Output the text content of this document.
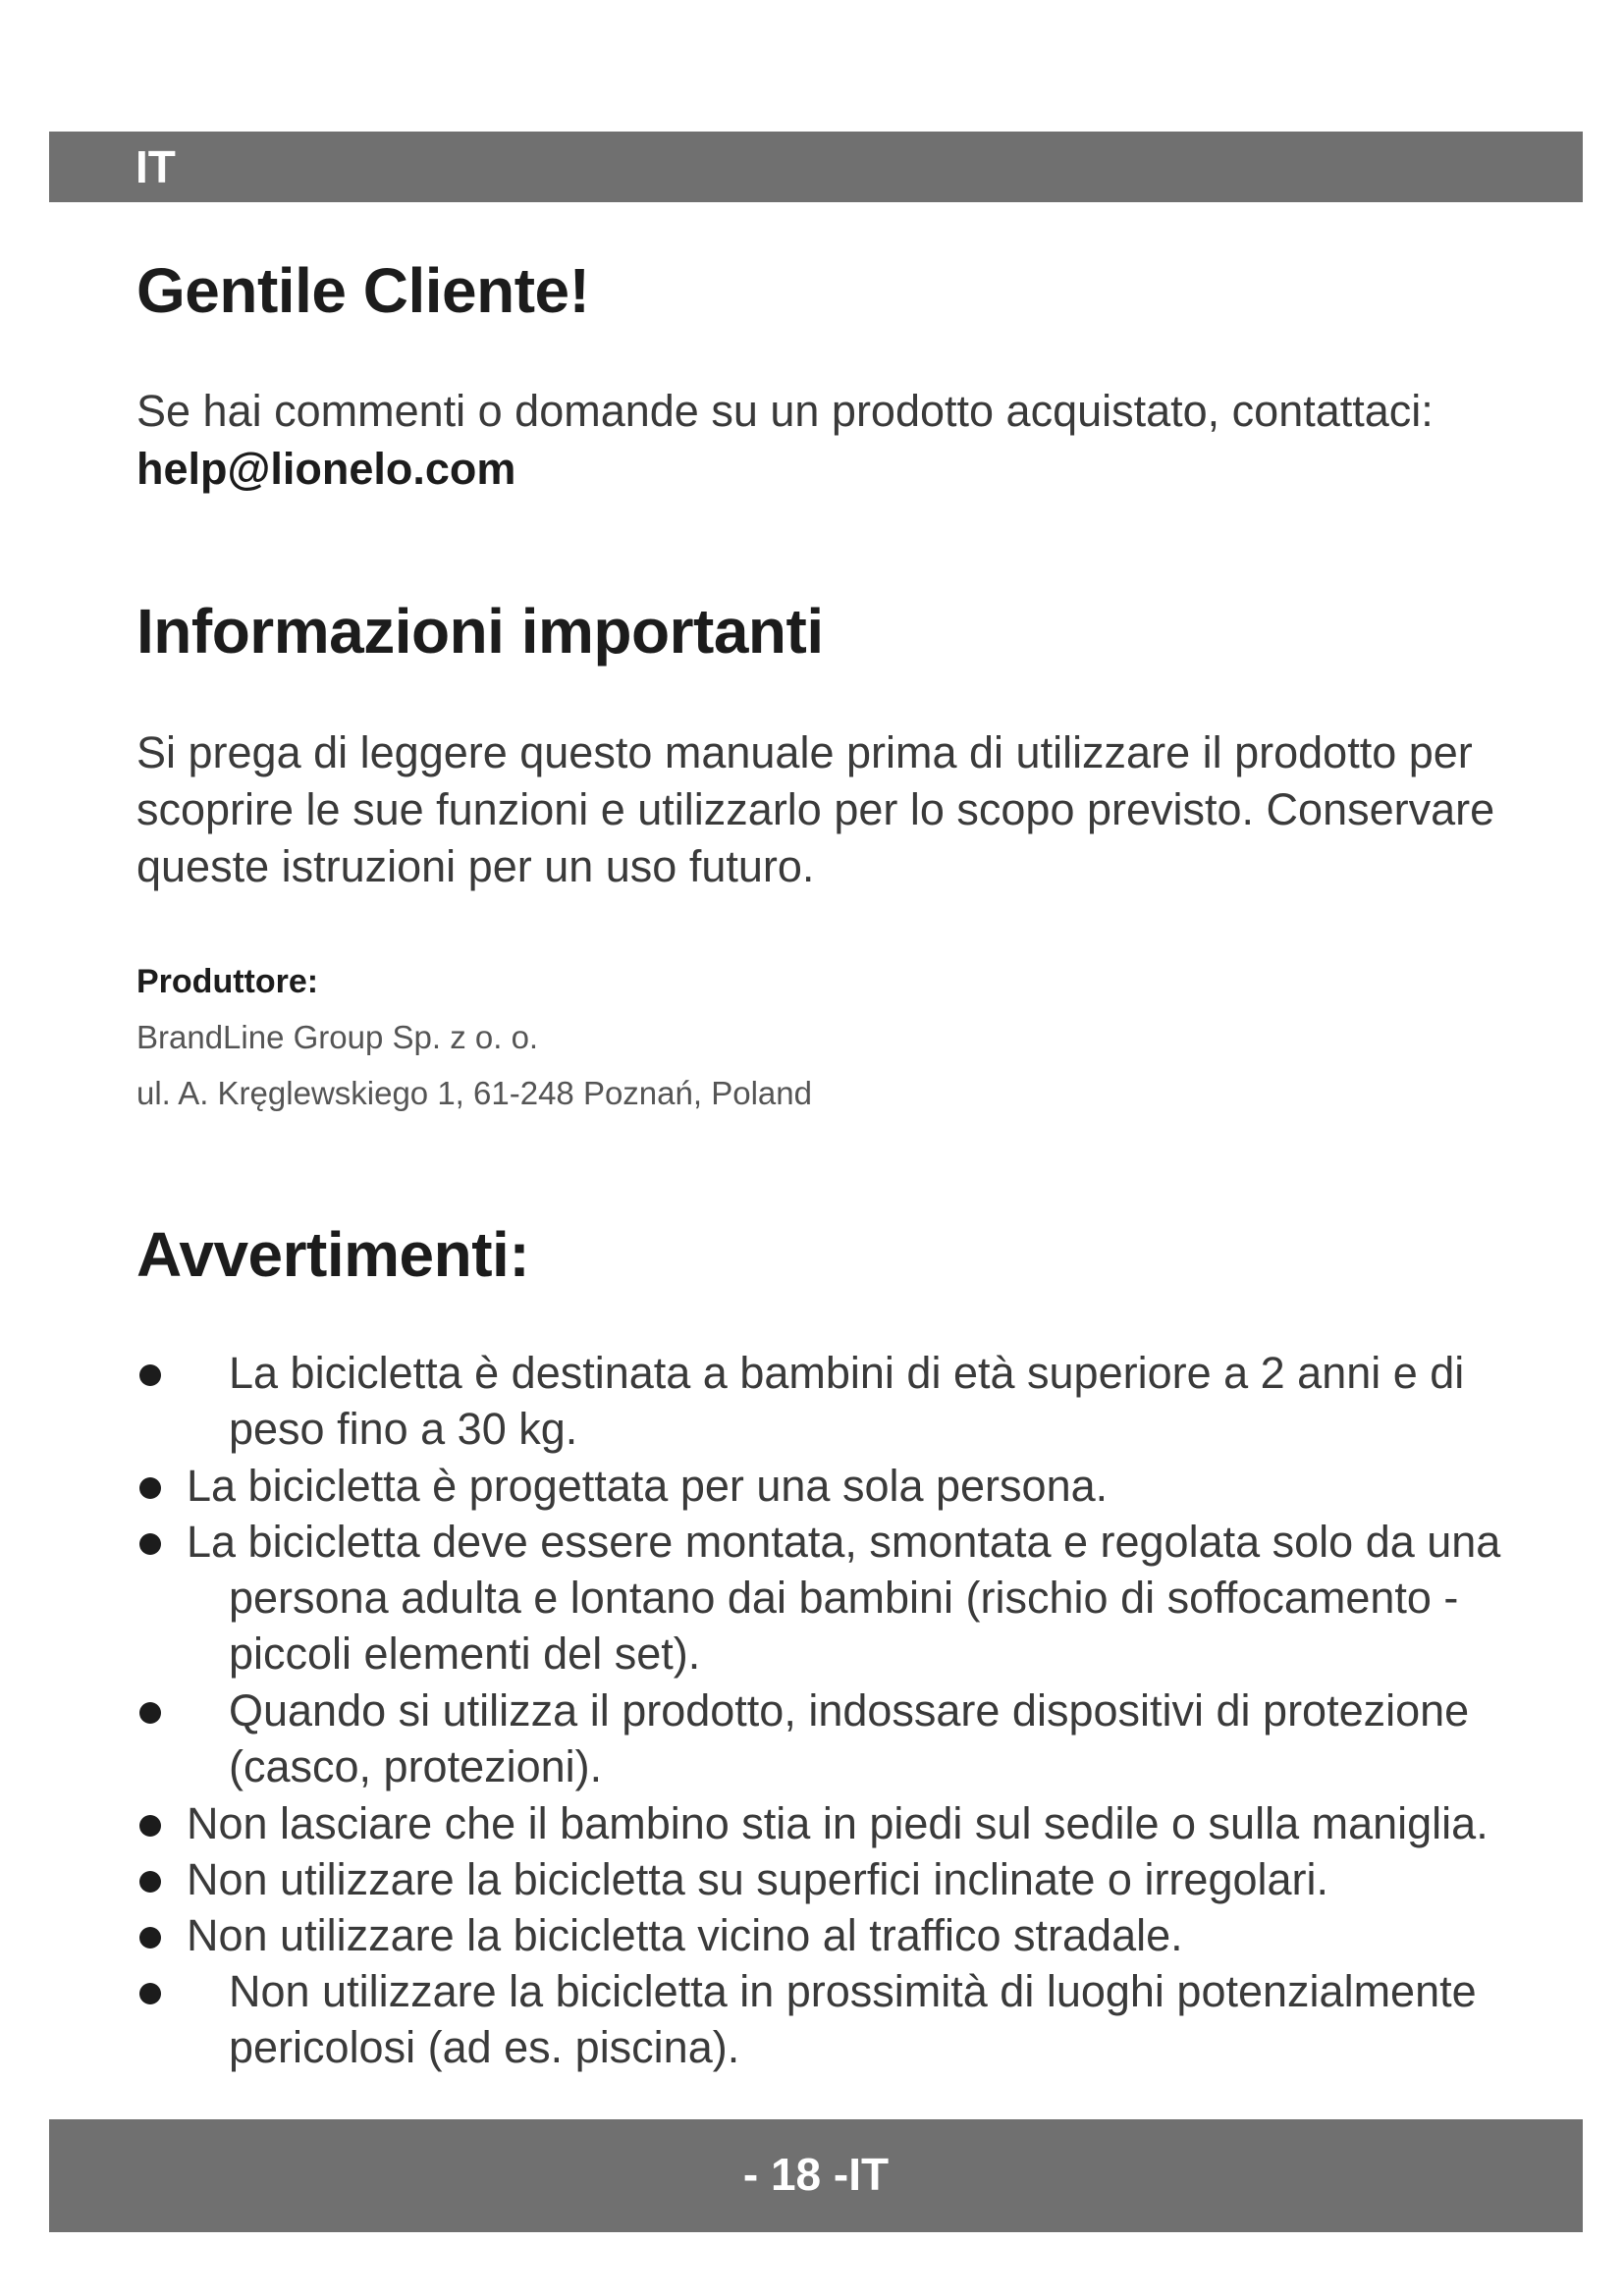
IT
Gentile Cliente!

Se hai commenti o domande su un prodotto acquistato, contattaci:

help@lionelo.com

Informazioni importanti

Si prega di leggere questo manuale prima di utilizzare il prodotto per

scoprire le sue funzioni e utilizzarlo per lo scopo previsto. Conservare

queste istruzioni per un uso futuro.

Produttore:

BrandLine Group Sp. z o. o.

ul. A. Kręglewskiego 1, 61-248 Poznań, Poland

Avvertimenti:

La bicicletta è destinata a bambini di età superiore a 2 anni e di

peso fino a 30 kg.

La bicicletta è progettata per una sola persona.

La bicicletta deve essere montata, smontata e regolata solo da una

persona adulta e lontano dai bambini (rischio di soffocamento -

piccoli elementi del set).

Quando si utilizza il prodotto, indossare dispositivi di protezione

(casco, protezioni).

Non lasciare che il bambino stia in piedi sul sedile o sulla maniglia.

Non utilizzare la bicicletta su superfici inclinate o irregolari.

Non utilizzare la bicicletta vicino al traffico stradale.

Non utilizzare la bicicletta in prossimità di luoghi potenzialmente

pericolosi (ad es. piscina).

- 18 -IT
